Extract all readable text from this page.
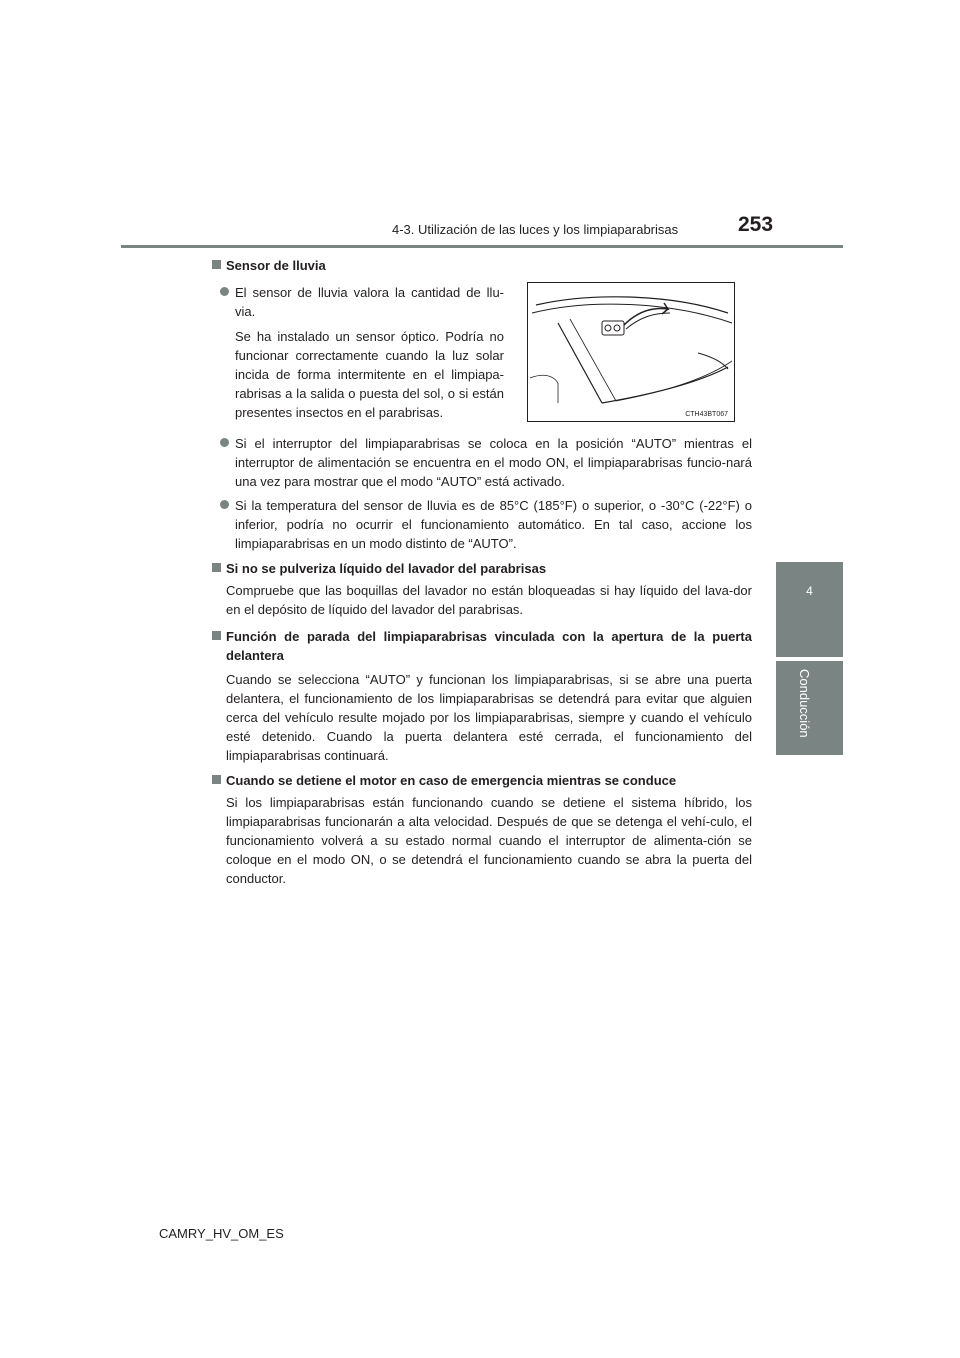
4-3. Utilización de las luces y los limpiaparabrisas	253
4
Conducción
CTH43BT067
Sensor de lluvia
El sensor de lluvia valora la cantidad de llu-via.
Se ha instalado un sensor óptico. Podría no funcionar correctamente cuando la luz solar incida de forma intermitente en el limpiapa-rabrisas a la salida o puesta del sol, o si están presentes insectos en el parabrisas.
Si el interruptor del limpiaparabrisas se coloca en la posición “AUTO” mientras el interruptor de alimentación se encuentra en el modo ON, el limpiaparabrisas funcio-nará una vez para mostrar que el modo “AUTO” está activado.
Si la temperatura del sensor de lluvia es de 85°C (185°F) o superior, o -30°C (-22°F) o inferior, podría no ocurrir el funcionamiento automático. En tal caso, accione los limpiaparabrisas en un modo distinto de “AUTO”.
Si no se pulveriza líquido del lavador del parabrisas
Compruebe que las boquillas del lavador no están bloqueadas si hay líquido del lava-dor en el depósito de líquido del lavador del parabrisas.
Función de parada del limpiaparabrisas vinculada con la apertura de la puerta delantera
Cuando se selecciona “AUTO” y funcionan los limpiaparabrisas, si se abre una puerta delantera, el funcionamiento de los limpiaparabrisas se detendrá para evitar que alguien cerca del vehículo resulte mojado por los limpiaparabrisas, siempre y cuando el vehículo esté detenido. Cuando la puerta delantera esté cerrada, el funcionamiento del limpiaparabrisas continuará.
Cuando se detiene el motor en caso de emergencia mientras se conduce
Si los limpiaparabrisas están funcionando cuando se detiene el sistema híbrido, los limpiaparabrisas funcionarán a alta velocidad. Después de que se detenga el vehí-culo, el funcionamiento volverá a su estado normal cuando el interruptor de alimenta-ción se coloque en el modo ON, o se detendrá el funcionamiento cuando se abra la puerta del conductor.
CAMRY_HV_OM_ES
